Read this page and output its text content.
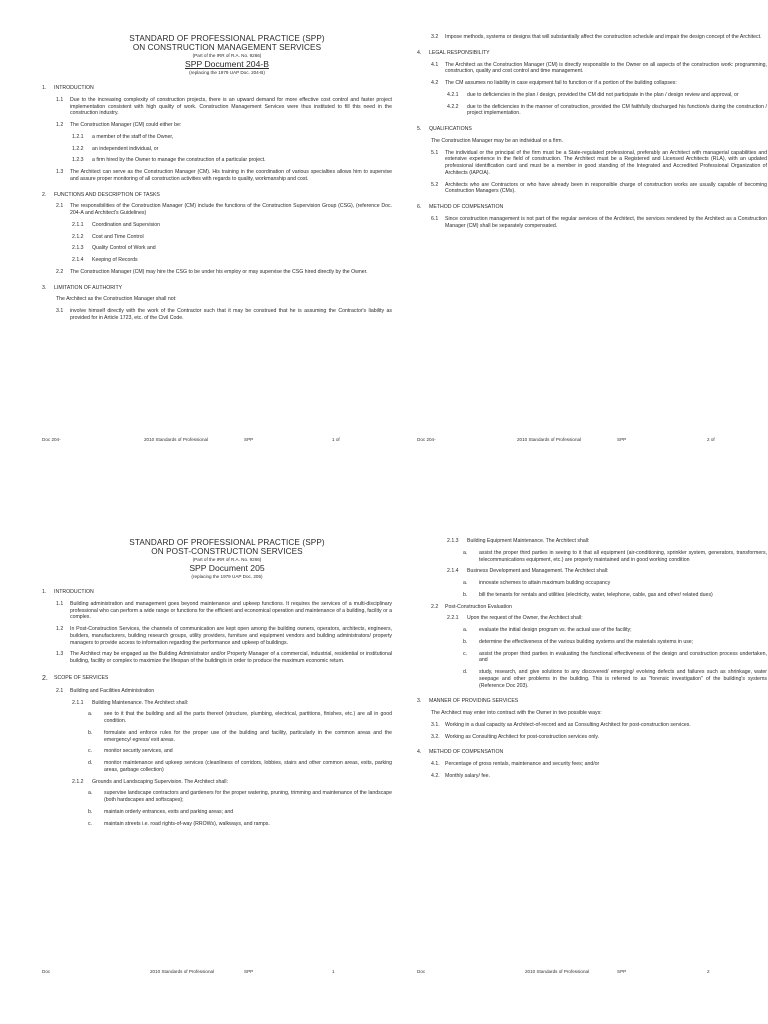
STANDARD OF PROFESSIONAL PRACTICE (SPP)
ON CONSTRUCTION MANAGEMENT SERVICES
(Part of the IRR of R.A. No. 9266)
SPP Document 204-B
(replacing the 1979 UAP Doc. 204-B)
1.	INTRODUCTION
1.1	Due to the increasing complexity of construction projects, there is an upward demand for more effective cost control and faster project implementation consistent with high quality of work. Construction Management Services were thus instituted to fill this need in the construction industry.
1.2	The Construction Manager (CM) could either be:
1.2.1	a member of the staff of the Owner,
1.2.2	an independent individual, or
1.2.3	a firm hired by the Owner to manage the construction of a particular project.
1.3	The Architect can serve as the Construction Manager (CM). His training in the coordination of various specialties allows him to supervise and assure proper monitoring of all construction activities with regards to quality, workmanship and cost.
2.	FUNCTIONS AND DESCRIPTION OF TASKS
2.1	The responsibilities of the Construction Manager (CM) include the functions of the Construction Supervision Group (CSG), (reference Doc. 204-A and Architect's Guidelines)
2.1.1	Coordination and Supervision
2.1.2	Cost and Time Control
2.1.3	Quality Control of Work and
2.1.4	Keeping of Records
2.2	The Construction Manager (CM) may hire the CSG to be under his employ or may supervise the CSG hired directly by the Owner.
3.	LIMITATION OF AUTHORITY
The Architect as the Construction Manager shall not:
3.1	involve himself directly with the work of the Contractor such that it may be construed that he is assuming the Contractor's liability as provided for in Article 1723, etc. of the Civil Code.
Doc 204-	2010 Standards of Professional	SPP	1 of
3.2	Impose methods, systems or designs that will substantially affect the construction schedule and impair the design concept of the Architect.
4.	LEGAL RESPONSIBILITY
4.1	The Architect as the Construction Manager (CM) is directly responsible to the Owner on all aspects of the construction work: programming, construction, quality and cost control and time management.
4.2	The CM assumes no liability in case equipment fail to function or if a portion of the building collapses:
4.2.1	due to deficiencies in the plan / design, provided the CM did not participate in the plan / design review and approval, or
4.2.2	due to the deficiencies in the manner of construction, provided the CM faithfully discharged his function/s during the construction / project implementation.
5.	QUALIFICATIONS
The Construction Manager may be an individual or a firm.
5.1	The individual or the principal of the firm must be a State-regulated professional, preferably an Architect with managerial capabilities and extensive experience in the field of construction. The Architect must be a Registered and Licensed Architects (RLA), with an updated professional identification card and must be a member in good standing of the Integrated and Accredited Professional Organization of Architects (IAPOA).
5.2	Architects who are Contractors or who have already been in responsible charge of construction works are usually capable of becoming Construction Managers (CMs).
6.	METHOD OF COMPENSATION
6.1	Since construction management is not part of the regular services of the Architect, the services rendered by the Architect as a Construction Manager (CM) shall be separately compensated.
Doc 204-	2010 Standards of Professional	SPP	2 of
STANDARD OF PROFESSIONAL PRACTICE (SPP)
ON POST-CONSTRUCTION SERVICES
(Part of the IRR of R.A. No. 9266)
SPP Document 205
(replacing the 1979 UAP Doc. 205)
1.	INTRODUCTION
1.1	Building administration and management goes beyond maintenance and upkeep functions. It requires the services of a multi-disciplinary professional who can perform a wide range or functions for the efficient and economical operation and maintenance of a building, facility or a complex.
1.2	In Post-Construction Services, the channels of communication are kept open among the building owners, operators, architects, engineers, builders, manufacturers, building research groups, utility providers, furniture and equipment vendors and building administrators/ property managers to provide access to information regarding the performance and upkeep of buildings.
1.3	The Architect may be engaged as the Building Administrator and/or Property Manager of a commercial, industrial, residential or institutional building, facility or complex to maximize the lifespan of the building/s in order to produce the maximum economic return.
2.	SCOPE OF SERVICES
2.1	Building and Facilities Administration
2.1.1	Building Maintenance. The Architect shall:
a.	see to it that the building and all the parts thereof (structure, plumbing, electrical, partitions, finishes, etc.) are all in good condition.
b.	formulate and enforce rules for the proper use of the building and facility, particularly in the common areas and the emergency/ egress/ exit areas.
c.	monitor security services, and
d.	monitor maintenance and upkeep services (cleanliness of corridors, lobbies, stairs and other common areas, exits, parking areas, garbage collection)
2.1.2	Grounds and Landscaping Supervision. The Architect shall:
a.	supervise landscape contractors and gardeners for the proper watering, pruning, trimming and maintenance of the landscape (both hardscapes and softscapes);
b.	maintain orderly entrances, exits and parking areas; and
c.	maintain streets i.e. road rights-of-way (RROWs), walkways, and ramps.
Doc	2010 Standards of Professional	SPP	1
2.1.3	Building Equipment Maintenance. The Architect shall:
a.	assist the proper third parties in seeing to it that all equipment (air-conditioning, sprinkler system, generators, transformers, telecommunications equipment, etc.) are properly maintained and in good working condition
2.1.4	Business Development and Management. The Architect shall:
a.	innovate schemes to attain maximum building occupancy
b.	bill the tenants for rentals and utilities (electricity, water, telephone, cable, gas and other/ related dues)
2.2	Post-Construction Evaluation
2.2.1	Upon the request of the Owner, the Architect shall:
a.	evaluate the initial design program vs. the actual use of the facility;
b.	determine the effectiveness of the various building systems and the materials systems in use;
c.	assist the proper third parties in evaluating the functional effectiveness of the design and construction process undertaken, and
d.	study, research, and give solutions to any discovered/ emerging/ evolving defects and failures such as shrinkage, water seepage and other problems in the building. This is referred to as "forensic investigation" of the building's systems (Reference Doc 203).
3.	MANNER OF PROVIDING SERVICES
The Architect may enter into contract with the Owner in two possible ways:
3.1.	Working in a dual capacity as Architect-of-record and as Consulting Architect for post-construction services.
3.2.	Working as Consulting Architect for post-construction services only.
4.	METHOD OF COMPENSATION
4.1.	Percentage of gross rentals, maintenance and security fees; and/or
4.2.	Monthly salary/ fee.
Doc	2010 Standards of Professional	SPP	2
